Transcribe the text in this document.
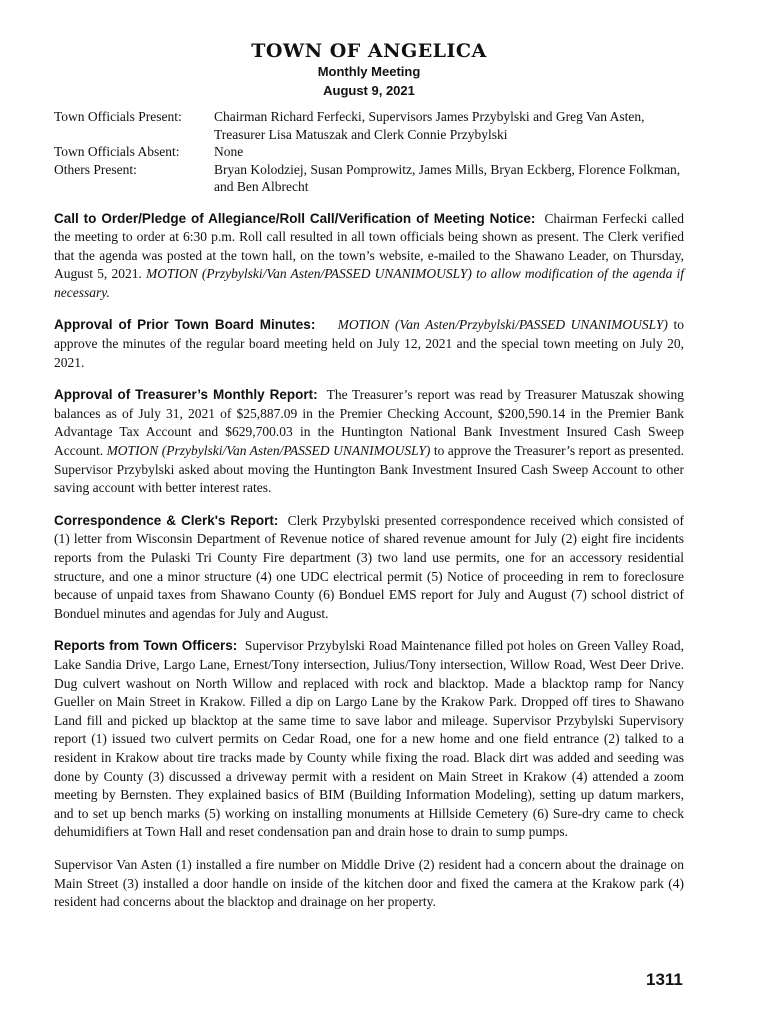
TOWN OF ANGELICA

Monthly Meeting

August 9, 2021

Town Officials Present:	Chairman Richard Ferfecki, Supervisors James Przybylski and Greg Van Asten, Treasurer Lisa Matuszak and Clerk Connie Przybylski
Town Officials Absent:	None
Others Present:	Bryan Kolodziej, Susan Pomprowitz, James Mills, Bryan Eckberg, Florence Folkman, and Ben Albrecht

Call to Order/Pledge of Allegiance/Roll Call/Verification of Meeting Notice: Chairman Ferfecki called the meeting to order at 6:30 p.m. Roll call resulted in all town officials being shown as present. The Clerk verified that the agenda was posted at the town hall, on the town’s website, e-mailed to the Shawano Leader, on Thursday, August 5, 2021. MOTION (Przybylski/Van Asten/PASSED UNANIMOUSLY) to allow modification of the agenda if necessary.

Approval of Prior Town Board Minutes: MOTION (Van Asten/Przybylski/PASSED UNANIMOUSLY) to approve the minutes of the regular board meeting held on July 12, 2021 and the special town meeting on July 20, 2021.

Approval of Treasurer’s Monthly Report: The Treasurer’s report was read by Treasurer Matuszak showing balances as of July 31, 2021 of $25,887.09 in the Premier Checking Account, $200,590.14 in the Premier Bank Advantage Tax Account and $629,700.03 in the Huntington National Bank Investment Insured Cash Sweep Account. MOTION (Przybylski/Van Asten/PASSED UNANIMOUSLY) to approve the Treasurer’s report as presented. Supervisor Przybylski asked about moving the Huntington Bank Investment Insured Cash Sweep Account to other saving account with better interest rates.

Correspondence & Clerk's Report: Clerk Przybylski presented correspondence received which consisted of (1) letter from Wisconsin Department of Revenue notice of shared revenue amount for July (2) eight fire incidents reports from the Pulaski Tri County Fire department (3) two land use permits, one for an accessory residential structure, and one a minor structure (4) one UDC electrical permit (5) Notice of proceeding in rem to foreclosure because of unpaid taxes from Shawano County (6) Bonduel EMS report for July and August (7) school district of Bonduel minutes and agendas for July and August.

Reports from Town Officers: Supervisor Przybylski Road Maintenance filled pot holes on Green Valley Road, Lake Sandia Drive, Largo Lane, Ernest/Tony intersection, Julius/Tony intersection, Willow Road, West Deer Drive. Dug culvert washout on North Willow and replaced with rock and blacktop. Made a blacktop ramp for Nancy Gueller on Main Street in Krakow. Filled a dip on Largo Lane by the Krakow Park. Dropped off tires to Shawano Land fill and picked up blacktop at the same time to save labor and mileage. Supervisor Przybylski Supervisory report (1) issued two culvert permits on Cedar Road, one for a new home and one field entrance (2) talked to a resident in Krakow about tire tracks made by County while fixing the road. Black dirt was added and seeding was done by County (3) discussed a driveway permit with a resident on Main Street in Krakow (4) attended a zoom meeting by Bernsten. They explained basics of BIM (Building Information Modeling), setting up datum markers, and to set up bench marks (5) working on installing monuments at Hillside Cemetery (6) Sure-dry came to check dehumidifiers at Town Hall and reset condensation pan and drain hose to drain to sump pumps.

Supervisor Van Asten (1) installed a fire number on Middle Drive (2) resident had a concern about the drainage on Main Street (3) installed a door handle on inside of the kitchen door and fixed the camera at the Krakow park (4) resident had concerns about the blacktop and drainage on her property.

1311
